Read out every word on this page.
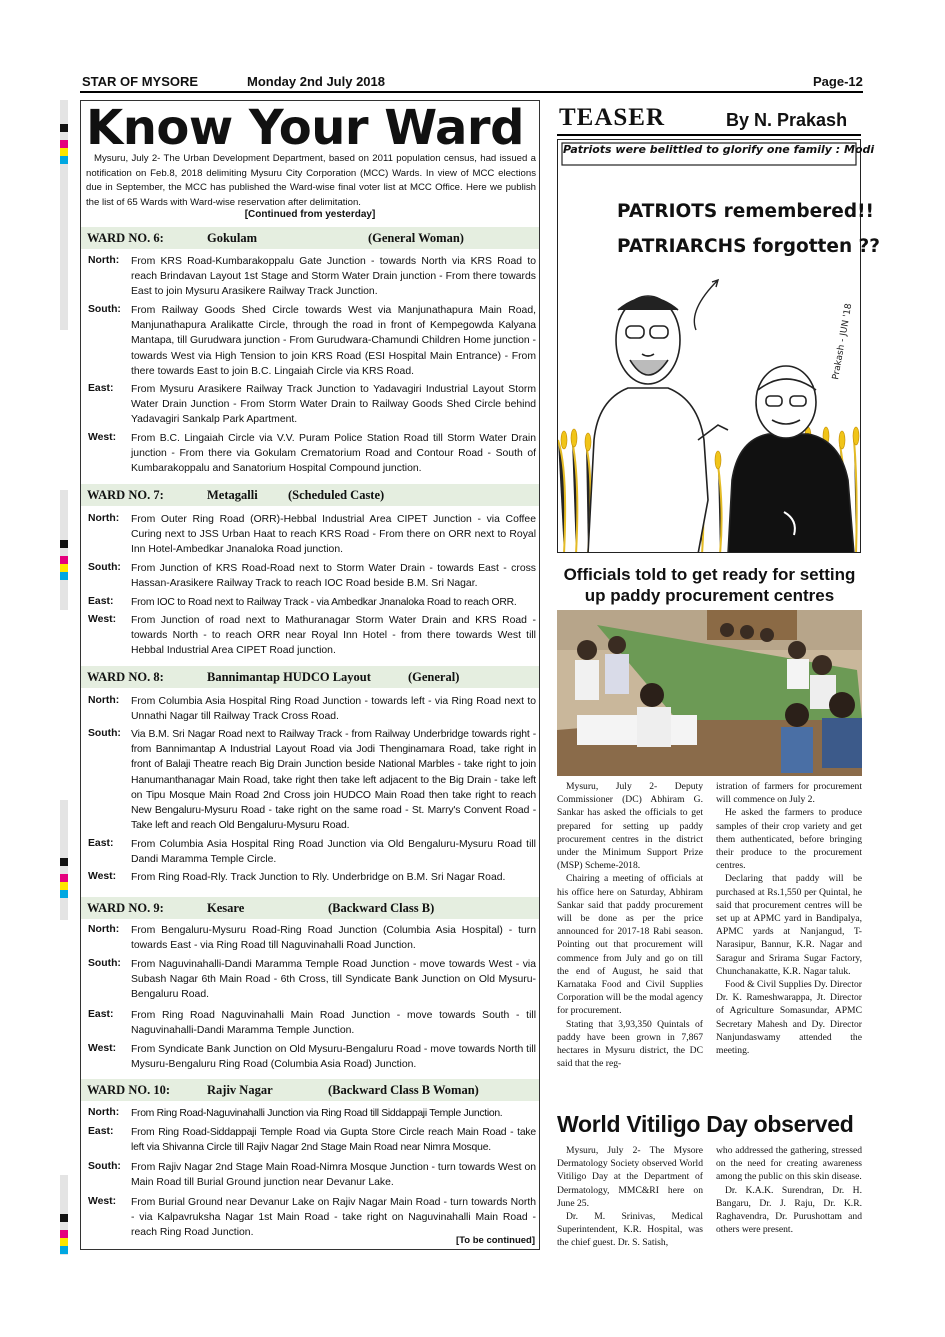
STAR OF MYSORE	Monday 2nd July 2018	Page-12
Know Your Ward
Mysuru, July 2- The Urban Development Department, based on 2011 population census, had issued a notification on Feb.8, 2018 delimiting Mysuru City Corporation (MCC) Wards. In view of MCC elections due in September, the MCC has published the Ward-wise final voter list at MCC Office. Here we publish the list of 65 Wards with Ward-wise reservation after delimitation.
[Continued from yesterday]
WARD NO. 6:	Gokulam	(General Woman)
North: From KRS Road-Kumbarakoppalu Gate Junction - towards North via KRS Road to reach Brindavan Layout 1st Stage and Storm Water Drain junction - From there towards East to join Mysuru Arasikere Railway Track Junction.
South: From Railway Goods Shed Circle towards West via Manjunathapura Main Road, Manjunathapura Aralikatte Circle, through the road in front of Kempegowda Kalyana Mantapa, till Gurudwara junction - From Gurudwara-Chamundi Children Home junction - towards West via High Tension to join KRS Road (ESI Hospital Main Entrance) - From there towards East to join B.C. Lingaiah Circle via KRS Road.
East: From Mysuru Arasikere Railway Track Junction to Yadavagiri Industrial Layout Storm Water Drain Junction - From Storm Water Drain to Railway Goods Shed Circle behind Yadavagiri Sankalp Park Apartment.
West: From B.C. Lingaiah Circle via V.V. Puram Police Station Road till Storm Water Drain junction - From there via Gokulam Crematorium Road and Contour Road - South of Kumbarakoppalu and Sanatorium Hospital Compound junction.
WARD NO. 7:	Metagalli (Scheduled Caste)
North: From Outer Ring Road (ORR)-Hebbal Industrial Area CIPET Junction - via Coffee Curing next to JSS Urban Haat to reach KRS Road - From there on ORR next to Royal Inn Hotel-Ambedkar Jnanaloka Road junction.
South: From Junction of KRS Road-Road next to Storm Water Drain - towards East - cross Hassan-Arasikere Railway Track to reach IOC Road beside B.M. Sri Nagar.
East: From IOC to Road next to Railway Track - via Ambedkar Jnanaloka Road to reach ORR.
West: From Junction of road next to Mathuranagar Storm Water Drain and KRS Road - towards North - to reach ORR near Royal Inn Hotel - from there towards West till Hebbal Industrial Area CIPET Road junction.
WARD NO. 8:	Bannimantap HUDCO Layout	(General)
North: From Columbia Asia Hospital Ring Road Junction - towards left - via Ring Road next to Unnathi Nagar till Railway Track Cross Road.
South: Via B.M. Sri Nagar Road next to Railway Track - from Railway Underbridge towards right - from Bannimantap A Industrial Layout Road via Jodi Thenginamara Road, take right in front of Balaji Theatre reach Big Drain Junction beside National Marbles - take right to join Hanumanthanagar Main Road, take right then take left adjacent to the Big Drain - take left on Tipu Mosque Main Road 2nd Cross join HUDCO Main Road then take right to reach New Bengaluru-Mysuru Road - take right on the same road - St. Marry's Convent Road - Take left and reach Old Bengaluru-Mysuru Road.
East: From Columbia Asia Hospital Ring Road Junction via Old Bengaluru-Mysuru Road till Dandi Maramma Temple Circle.
West: From Ring Road-Rly. Track Junction to Rly. Underbridge on B.M. Sri Nagar Road.
WARD NO. 9:	Kesare	(Backward Class B)
North: From Bengaluru-Mysuru Road-Ring Road Junction (Columbia Asia Hospital) - turn towards East - via Ring Road till Naguvinahalli Road Junction.
South: From Naguvinahalli-Dandi Maramma Temple Road Junction - move towards West - via Subash Nagar 6th Main Road - 6th Cross, till Syndicate Bank Junction on Old Mysuru-Bengaluru Road.
East: From Ring Road Naguvinahalli Main Road Junction - move towards South - till Naguvinahalli-Dandi Maramma Temple Junction.
West: From Syndicate Bank Junction on Old Mysuru-Bengaluru Road - move towards North till Mysuru-Bengaluru Ring Road (Columbia Asia Road) Junction.
WARD NO. 10:	Rajiv Nagar	(Backward Class B Woman)
North: From Ring Road-Naguvinahalli Junction via Ring Road till Siddappaji Temple Junction.
East: From Ring Road-Siddappaji Temple Road via Gupta Store Circle reach Main Road - take left via Shivanna Circle till Rajiv Nagar 2nd Stage Main Road near Nimra Mosque.
South: From Rajiv Nagar 2nd Stage Main Road-Nimra Mosque Junction - turn towards West on Main Road till Burial Ground junction near Devanur Lake.
West: From Burial Ground near Devanur Lake on Rajiv Nagar Main Road - turn towards North - via Kalpavruksha Nagar 1st Main Road - take right on Naguvinahalli Main Road - reach Ring Road Junction.
[To be continued]
TEASER	By N. Prakash
Prakash - JUN '18
Patriots were belittled to glorify one family : Modi
PATRIOTS remembered!!
PATRIARCHS forgotten ??
Officials told to get ready for setting up paddy procurement centres

Mysuru, July 2- Deputy Commissioner (DC) Abhiram G. Sankar has asked the officials to get prepared for setting up paddy procurement centres in the district under the Minimum Support Prize (MSP) Scheme-2018.

Chairing a meeting of officials at his office here on Saturday, Abhiram Sankar said that paddy procurement will be done as per the price announced for 2017-18 Rabi season. Pointing out that procurement will commence from July and go on till the end of August, he said that Karnataka Food and Civil Supplies Corporation will be the modal agency for procurement.

Stating that 3,93,350 Quintals of paddy have been grown in 7,867 hectares in Mysuru district, the DC said that the reg-

istration of farmers for procurement will commence on July 2.

He asked the farmers to produce samples of their crop variety and get them authenticated, before bringing their produce to the procurement centres.

Declaring that paddy will be purchased at Rs.1,550 per Quintal, he said that procurement centres will be set up at APMC yard in Bandipalya, APMC yards at Nanjangud, T-Narasipur, Bannur, K.R. Nagar and Saragur and Srirama Sugar Factory, Chunchanakatte, K.R. Nagar taluk.

Food & Civil Supplies Dy. Director Dr. K. Rameshwarappa, Jt. Director of Agriculture Somasundar, APMC Secretary Mahesh and Dy. Director Nanjundaswamy attended the meeting.

World Vitiligo Day observed

Mysuru, July 2- The Mysore Dermatology Society observed World Vitiligo Day at the Department of Dermatology, MMC&RI here on June 25.

Dr. M. Srinivas, Medical Superintendent, K.R. Hospital, was the chief guest. Dr. S. Satish,

who addressed the gathering, stressed on the need for creating awareness among the public on this skin disease.

Dr. K.A.K. Surendran, Dr. H. Bangaru, Dr. J. Raju, Dr. K.R. Raghavendra, Dr. Purushottam and others were present.
